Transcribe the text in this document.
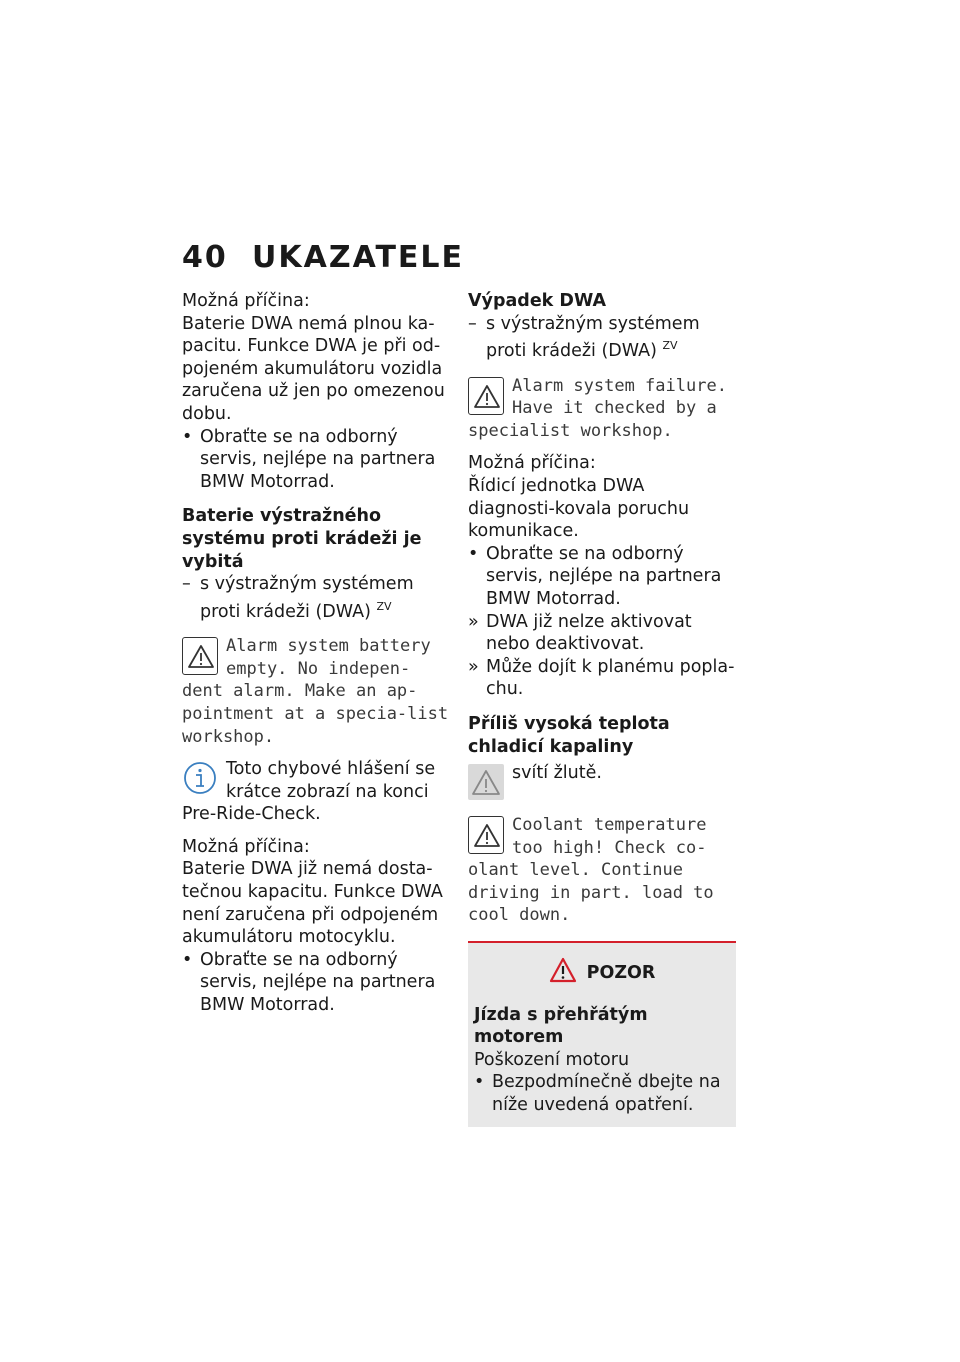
40 UKAZATELE

Možná příčina:

Baterie DWA nemá plnou ka-pacitu. Funkce DWA je při od-pojeném akumulátoru vozidla zaručena už jen po omezenou dobu.

• Obraťte se na odborný servis, nejlépe na partnera BMW Motorrad.

Baterie výstražného systému proti krádeži je vybitá

– s výstražným systémem proti krádeži (DWA) $^{ZV}$

Alarm system battery empty. No indepen-dent alarm. Make an ap-pointment at a specia-list workshop.
Toto chybové hlášení se krátce zobrazí na konci Pre-Ride-Check.

Možná příčina:

Baterie DWA již nemá dosta-tečnou kapacitu. Funkce DWA není zaručena při odpojeném akumulátoru motocyklu.

• Obraťte se na odborný servis, nejlépe na partnera BMW Motorrad.

Výpadek DWA

– s výstražným systémem proti krádeži (DWA) $^{ZV}$

Alarm system failure. Have it checked by a specialist workshop.

Možná příčina:

Řídicí jednotka DWA diagnosti-kovala poruchu komunikace.

• Obraťte se na odborný servis, nejlépe na partnera BMW Motorrad.

» DWA již nelze aktivovat nebo deaktivovat.

» Může dojít k planému popla-chu.

Příliš vysoká teplota chladicí kapaliny

svítí žlutě.
Coolant temperature too high! Check co-olant level. Continue driving in part. load to cool down.
POZOR

Jízda s přehřátým motorem

Poškození motoru

• Bezpodmínečně dbejte na níže uvedená opatření.
